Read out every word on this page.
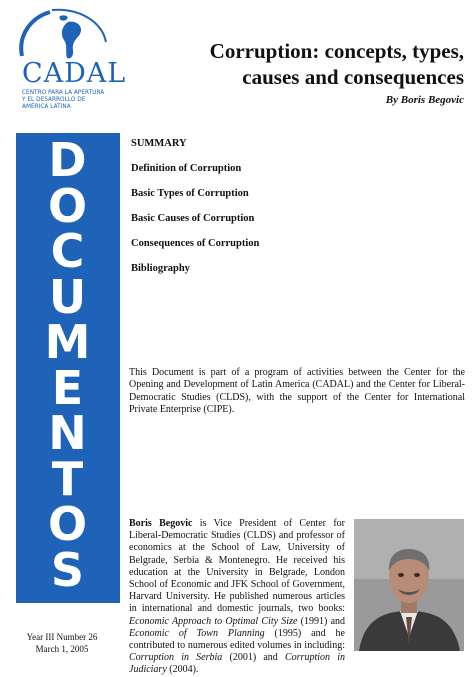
CADAL
CENTRO PARA LA APERTURA
Y EL DESARROLLO DE
AMÉRICA LATINA
D
O
C
U
M
E
N
T
O
S
Year III Number 26
March 1, 2005
Corruption: concepts, types,
causes and consequences
By Boris Begovic
SUMMARY
Definition of Corruption
Basic Types of Corruption
Basic Causes of Corruption
Consequences of Corruption
Bibliography
This Document is part of a program of activities between the Center for the Opening and Development of Latin America (CADAL) and the Center for Liberal-Democratic Studies (CLDS), with the support of the Center for International Private Enterprise (CIPE).
Boris Begovic is Vice President of Center for Liberal-Democratic Studies (CLDS) and professor of economics at the School of Law, University of Belgrade, Serbia & Montenegro. He received his education at the University in Belgrade, London School of Economic and JFK School of Government, Harvard University. He published numerous articles in international and domestic journals, two books: Economic Approach to Optimal City Size (1991) and Economic of Town Planning (1995) and he contributed to numerous edited volumes in including: Corruption in Serbia (2001) and Corruption in Judiciary (2004).
